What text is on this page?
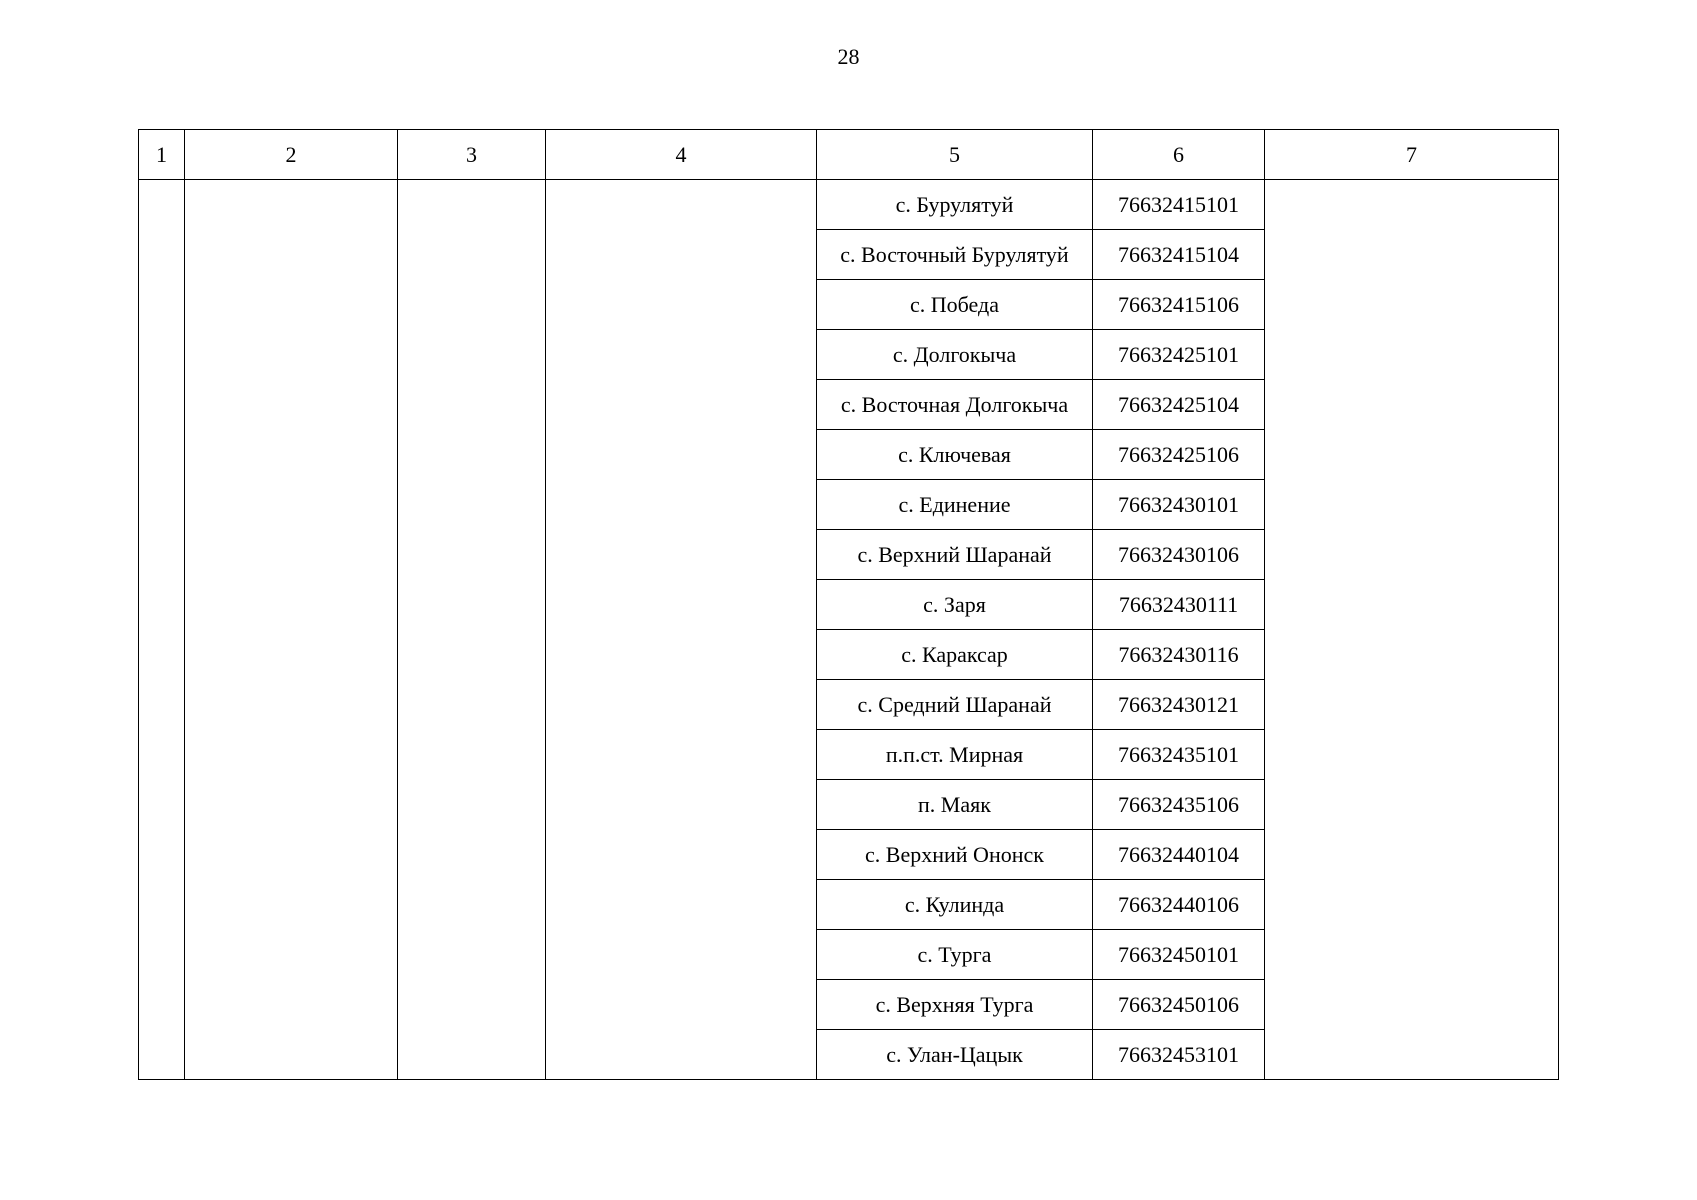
28
1	2	3	4	5	6	7
				с. Бурулятуй	76632415101	
				с. Восточный Бурулятуй	76632415104	
				с. Победа	76632415106	
				с. Долгокыча	76632425101	
				с. Восточная Долгокыча	76632425104	
				с. Ключевая	76632425106	
				с. Единение	76632430101	
				с. Верхний Шаранай	76632430106	
				с. Заря	76632430111	
				с. Караксар	76632430116	
				с. Средний Шаранай	76632430121	
				п.п.ст. Мирная	76632435101	
				п. Маяк	76632435106	
				с. Верхний Ононск	76632440104	
				с. Кулинда	76632440106	
				с. Турга	76632450101	
				с. Верхняя Турга	76632450106	
				с. Улан-Цацык	76632453101	
